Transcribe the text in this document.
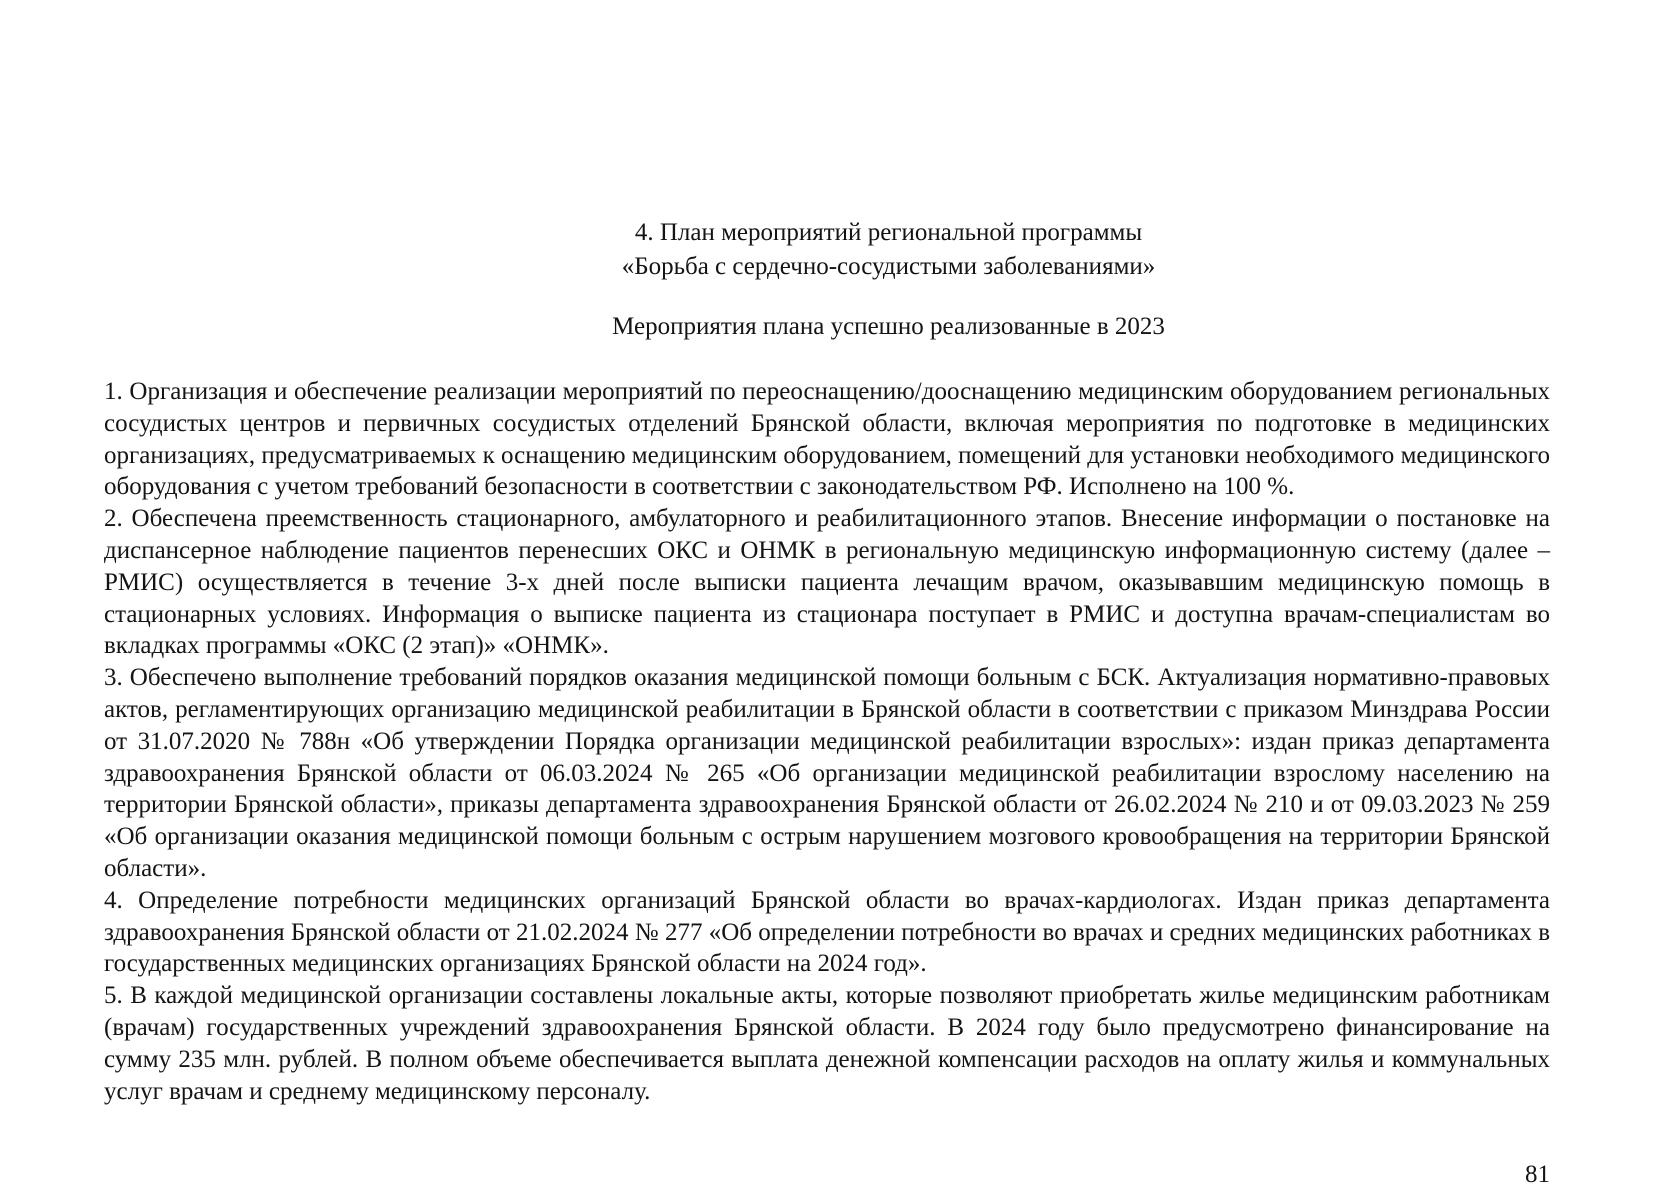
4. План мероприятий региональной программы
«Борьба с сердечно-сосудистыми заболеваниями»
Мероприятия плана успешно реализованные в 2023

1. Организация и обеспечение реализации мероприятий по переоснащению/дооснащению медицинским оборудованием региональных сосудистых центров и первичных сосудистых отделений Брянской области, включая мероприятия по подготовке в медицинских организациях, предусматриваемых к оснащению медицинским оборудованием, помещений для установки необходимого медицинского оборудования с учетом требований безопасности в соответствии с законодательством РФ. Исполнено на 100 %.

2. Обеспечена преемственность стационарного, амбулаторного и реабилитационного этапов. Внесение информации о постановке на диспансерное наблюдение пациентов перенесших ОКС и ОНМК в региональную медицинскую информационную систему (далее – РМИС) осуществляется в течение 3-х дней после выписки пациента лечащим врачом, оказывавшим медицинскую помощь в стационарных условиях. Информация о выписке пациента из стационара поступает в РМИС и доступна врачам-специалистам во вкладках программы «ОКС (2 этап)» «ОНМК».

3. Обеспечено выполнение требований порядков оказания медицинской помощи больным с БСК. Актуализация нормативно-правовых актов, регламентирующих организацию медицинской реабилитации в Брянской области в соответствии с приказом Минздрава России от 31.07.2020 № 788н «Об утверждении Порядка организации медицинской реабилитации взрослых»: издан приказ департамента здравоохранения Брянской области от 06.03.2024 № 265 «Об организации медицинской реабилитации взрослому населению на территории Брянской области», приказы департамента здравоохранения Брянской области от 26.02.2024 № 210 и от 09.03.2023 № 259 «Об организации оказания медицинской помощи больным с острым нарушением мозгового кровообращения на территории Брянской области».

4. Определение потребности медицинских организаций Брянской области во врачах-кардиологах. Издан приказ департамента здравоохранения Брянской области от 21.02.2024 № 277 «Об определении потребности во врачах и средних медицинских работниках в государственных медицинских организациях Брянской области на 2024 год».

5. В каждой медицинской организации составлены локальные акты, которые позволяют приобретать жилье медицинским работникам (врачам) государственных учреждений здравоохранения Брянской области. В 2024 году было предусмотрено финансирование на сумму 235 млн. рублей. В полном объеме обеспечивается выплата денежной компенсации расходов на оплату жилья и коммунальных услуг врачам и среднему медицинскому персоналу.

81
